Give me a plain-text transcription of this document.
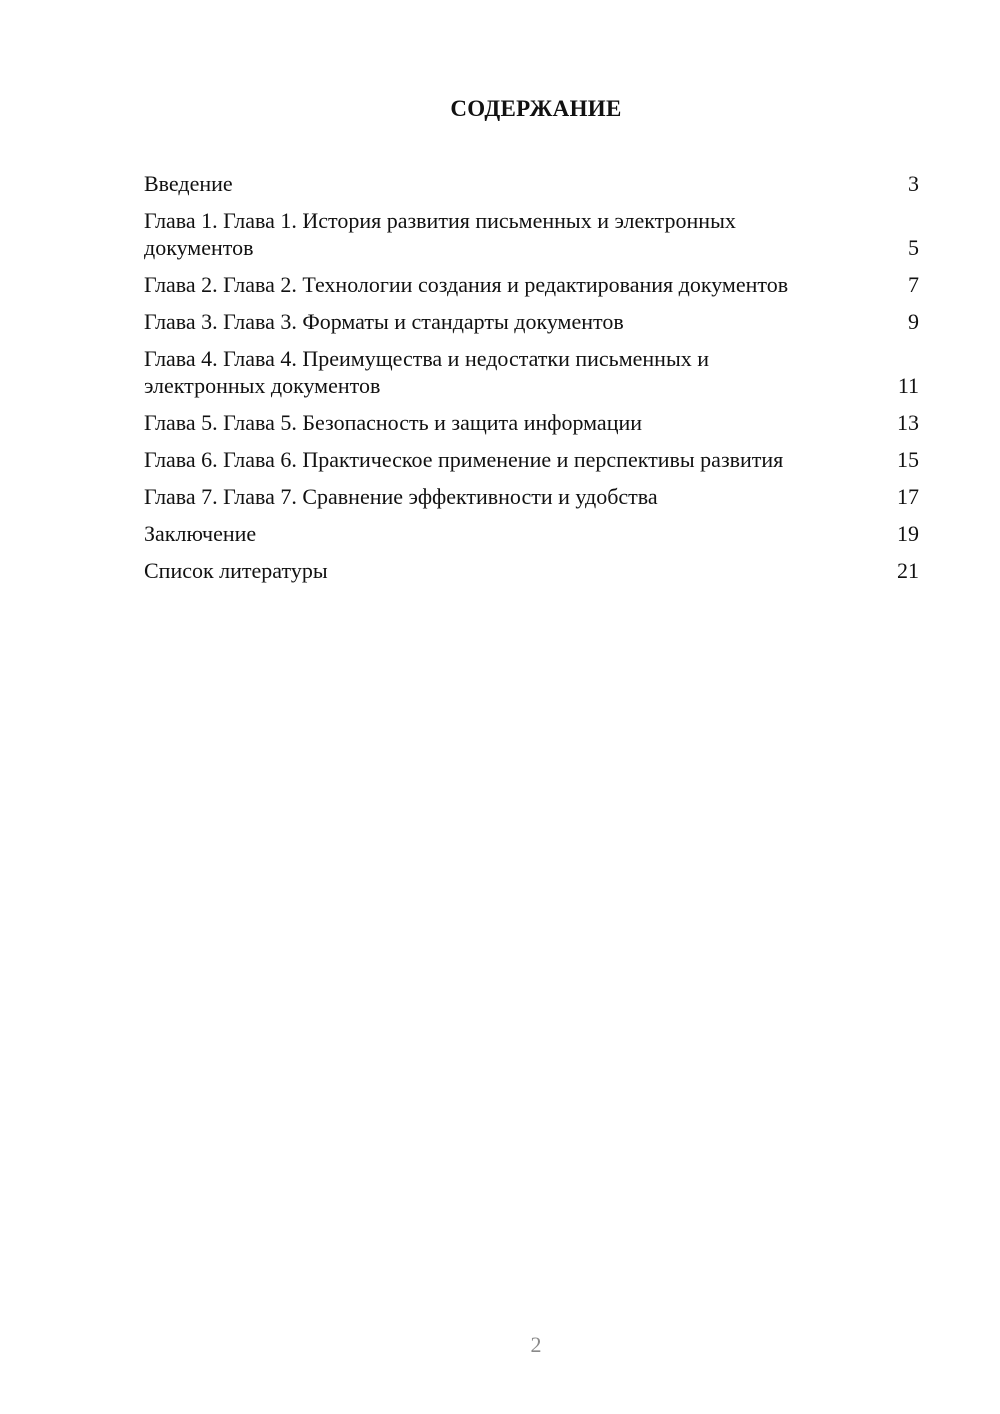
СОДЕРЖАНИЕ
Введение	3
Глава 1. Глава 1. История развития письменных и электронных документов	5
Глава 2. Глава 2. Технологии создания и редактирования документов	7
Глава 3. Глава 3. Форматы и стандарты документов	9
Глава 4. Глава 4. Преимущества и недостатки письменных и электронных документов	11
Глава 5. Глава 5. Безопасность и защита информации	13
Глава 6. Глава 6. Практическое применение и перспективы развития	15
Глава 7. Глава 7. Сравнение эффективности и удобства	17
Заключение	19
Список литературы	21
2
